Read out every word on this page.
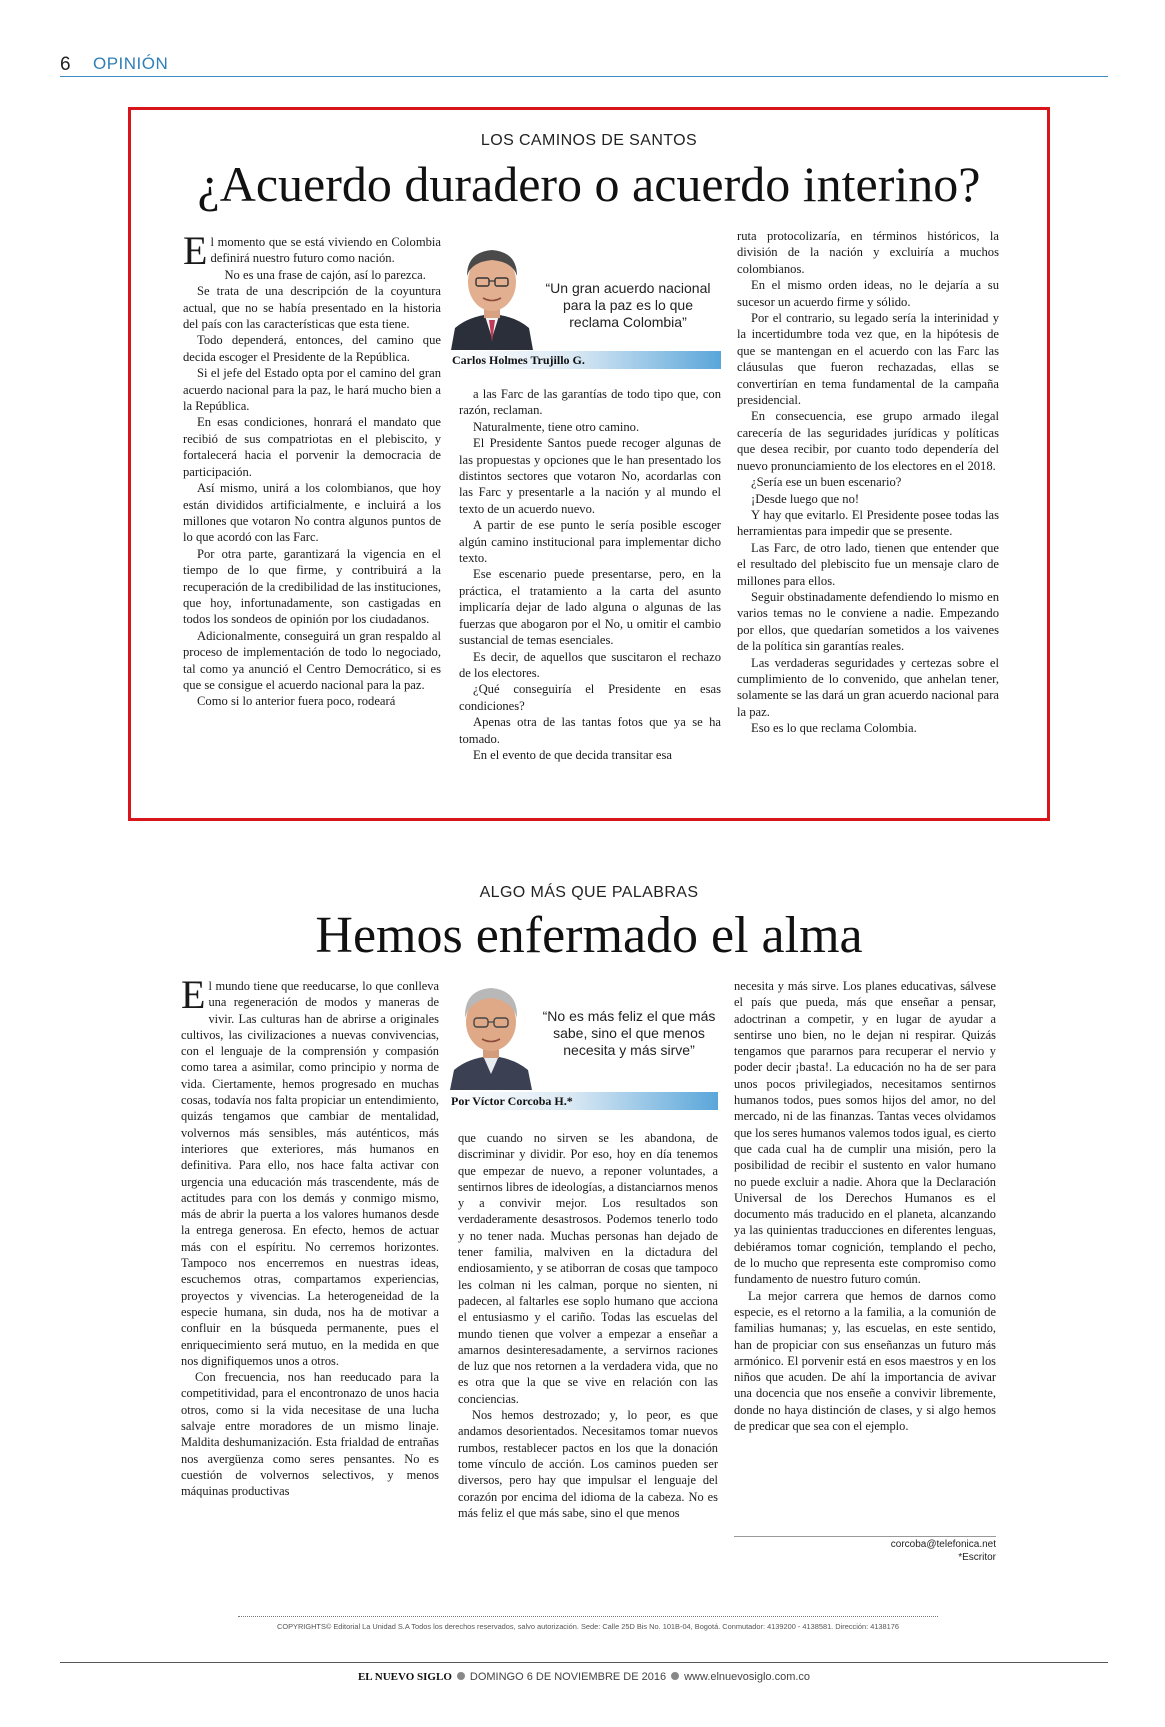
6 OPINIÓN
LOS CAMINOS DE SANTOS
¿Acuerdo duradero o acuerdo interino?

El momento que se está viviendo en Colombia definirá nuestro futuro como nación.

No es una frase de cajón, así lo parezca.

Se trata de una descripción de la coyuntura actual, que no se había presentado en la historia del país con las características que esta tiene.

Todo dependerá, entonces, del camino que decida escoger el Presidente de la República.

Si el jefe del Estado opta por el camino del gran acuerdo nacional para la paz, le hará mucho bien a la República.

En esas condiciones, honrará el mandato que recibió de sus compatriotas en el plebiscito, y fortalecerá hacia el porvenir la democracia de participación.

Así mismo, unirá a los colombianos, que hoy están divididos artificialmente, e incluirá a los millones que votaron No contra algunos puntos de lo que acordó con las Farc.

Por otra parte, garantizará la vigencia en el tiempo de lo que firme, y contribuirá a la recuperación de la credibilidad de las instituciones, que hoy, infortunadamente, son castigadas en todos los sondeos de opinión por los ciudadanos.

Adicionalmente, conseguirá un gran respaldo al proceso de implementación de todo lo negociado, tal como ya anunció el Centro Democrático, si es que se consigue el acuerdo nacional para la paz.

Como si lo anterior fuera poco, rodeará

“Un gran acuerdo nacional para la paz es lo que reclama Colombia”
Carlos Holmes Trujillo G.

a las Farc de las garantías de todo tipo que, con razón, reclaman.

Naturalmente, tiene otro camino.

El Presidente Santos puede recoger algunas de las propuestas y opciones que le han presentado los distintos sectores que votaron No, acordarlas con las Farc y presentarle a la nación y al mundo el texto de un acuerdo nuevo.

A partir de ese punto le sería posible escoger algún camino institucional para implementar dicho texto.

Ese escenario puede presentarse, pero, en la práctica, el tratamiento a la carta del asunto implicaría dejar de lado alguna o algunas de las fuerzas que abogaron por el No, u omitir el cambio sustancial de temas esenciales.

Es decir, de aquellos que suscitaron el rechazo de los electores.

¿Qué conseguiría el Presidente en esas condiciones?

Apenas otra de las tantas fotos que ya se ha tomado.

En el evento de que decida transitar esa

ruta protocolizaría, en términos históricos, la división de la nación y excluiría a muchos colombianos.

En el mismo orden ideas, no le dejaría a su sucesor un acuerdo firme y sólido.

Por el contrario, su legado sería la interinidad y la incertidumbre toda vez que, en la hipótesis de que se mantengan en el acuerdo con las Farc las cláusulas que fueron rechazadas, ellas se convertirían en tema fundamental de la campaña presidencial.

En consecuencia, ese grupo armado ilegal carecería de las seguridades jurídicas y políticas que desea recibir, por cuanto todo dependería del nuevo pronunciamiento de los electores en el 2018.

¿Sería ese un buen escenario?

¡Desde luego que no!

Y hay que evitarlo. El Presidente posee todas las herramientas para impedir que se presente.

Las Farc, de otro lado, tienen que entender que el resultado del plebiscito fue un mensaje claro de millones para ellos.

Seguir obstinadamente defendiendo lo mismo en varios temas no le conviene a nadie. Empezando por ellos, que quedarían sometidos a los vaivenes de la política sin garantías reales.

Las verdaderas seguridades y certezas sobre el cumplimiento de lo convenido, que anhelan tener, solamente se las dará un gran acuerdo nacional para la paz.

Eso es lo que reclama Colombia.

ALGO MÁS QUE PALABRAS
Hemos enfermado el alma

El mundo tiene que reeducarse, lo que conlleva una regeneración de modos y maneras de vivir. Las culturas han de abrirse a originales cultivos, las civilizaciones a nuevas convivencias, con el lenguaje de la comprensión y compasión como tarea a asimilar, como principio y norma de vida. Ciertamente, hemos progresado en muchas cosas, todavía nos falta propiciar un entendimiento, quizás tengamos que cambiar de mentalidad, volvernos más sensibles, más auténticos, más interiores que exteriores, más humanos en definitiva. Para ello, nos hace falta activar con urgencia una educación más trascendente, más de actitudes para con los demás y conmigo mismo, más de abrir la puerta a los valores humanos desde la entrega generosa. En efecto, hemos de actuar más con el espíritu. No cerremos horizontes. Tampoco nos encerremos en nuestras ideas, escuchemos otras, compartamos experiencias, proyectos y vivencias. La heterogeneidad de la especie humana, sin duda, nos ha de motivar a confluir en la búsqueda permanente, pues el enriquecimiento será mutuo, en la medida en que nos dignifiquemos unos a otros.

Con frecuencia, nos han reeducado para la competitividad, para el encontronazo de unos hacia otros, como si la vida necesitase de una lucha salvaje entre moradores de un mismo linaje. Maldita deshumanización. Esta frialdad de entrañas nos avergüenza como seres pensantes. No es cuestión de volvernos selectivos, y menos máquinas productivas

“No es más feliz el que más sabe, sino el que menos necesita y más sirve”
Por Víctor Corcoba H.*

que cuando no sirven se les abandona, de discriminar y dividir. Por eso, hoy en día tenemos que empezar de nuevo, a reponer voluntades, a sentirnos libres de ideologías, a distanciarnos menos y a convivir mejor. Los resultados son verdaderamente desastrosos. Podemos tenerlo todo y no tener nada. Muchas personas han dejado de tener familia, malviven en la dictadura del endiosamiento, y se atiborran de cosas que tampoco les colman ni les calman, porque no sienten, ni padecen, al faltarles ese soplo humano que acciona el entusiasmo y el cariño. Todas las escuelas del mundo tienen que volver a empezar a enseñar a amarnos desinteresadamente, a servirnos raciones de luz que nos retornen a la verdadera vida, que no es otra que la que se vive en relación con las conciencias.

Nos hemos destrozado; y, lo peor, es que andamos desorientados. Necesitamos tomar nuevos rumbos, restablecer pactos en los que la donación tome vínculo de acción. Los caminos pueden ser diversos, pero hay que impulsar el lenguaje del corazón por encima del idioma de la cabeza. No es más feliz el que más sabe, sino el que menos

necesita y más sirve. Los planes educativas, sálvese el país que pueda, más que enseñar a pensar, adoctrinan a competir, y en lugar de ayudar a sentirse uno bien, no le dejan ni respirar. Quizás tengamos que pararnos para recuperar el nervio y poder decir ¡basta!. La educación no ha de ser para unos pocos privilegiados, necesitamos sentirnos humanos todos, pues somos hijos del amor, no del mercado, ni de las finanzas. Tantas veces olvidamos que los seres humanos valemos todos igual, es cierto que cada cual ha de cumplir una misión, pero la posibilidad de recibir el sustento en valor humano no puede excluir a nadie. Ahora que la Declaración Universal de los Derechos Humanos es el documento más traducido en el planeta, alcanzando ya las quinientas traducciones en diferentes lenguas, debiéramos tomar cognición, templando el pecho, de lo mucho que representa este compromiso como fundamento de nuestro futuro común.

La mejor carrera que hemos de darnos como especie, es el retorno a la familia, a la comunión de familias humanas; y, las escuelas, en este sentido, han de propiciar con sus enseñanzas un futuro más armónico. El porvenir está en esos maestros y en los niños que acuden. De ahí la importancia de avivar una docencia que nos enseñe a convivir libremente, donde no haya distinción de clases, y si algo hemos de predicar que sea con el ejemplo.

corcoba@telefonica.net
*Escritor
COPYRIGHTS© Editorial La Unidad S.A Todos los derechos reservados, salvo autorización. Sede: Calle 25D Bis No. 101B-04, Bogotá. Conmutador: 4139200 - 4138581. Dirección: 4138176
EL NUEVO SIGLO DOMINGO 6 DE NOVIEMBRE DE 2016 www.elnuevosiglo.com.co
